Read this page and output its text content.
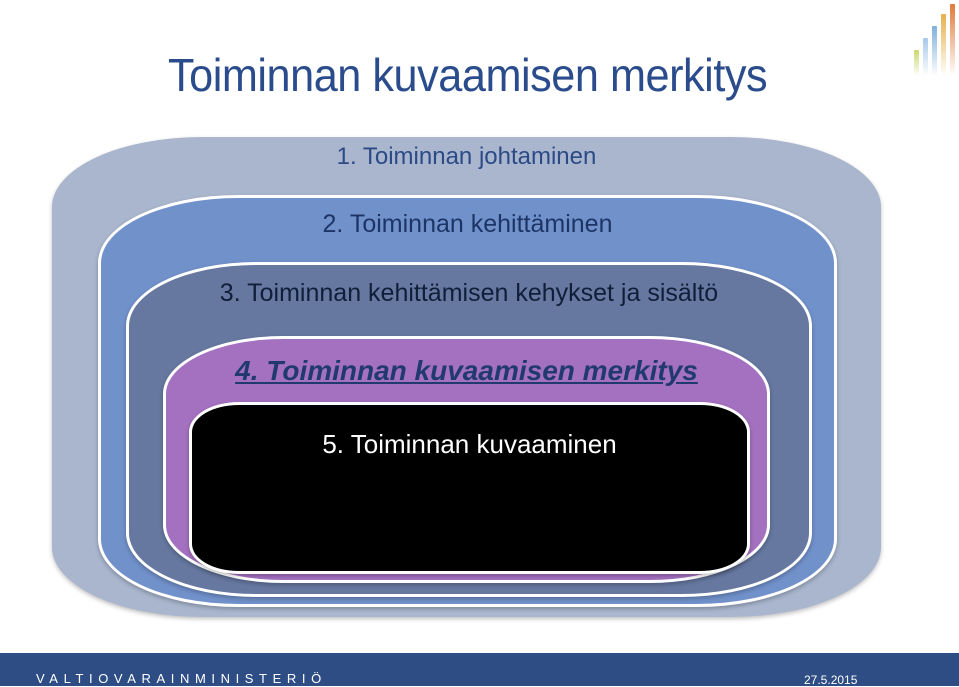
Toiminnan kuvaamisen merkitys
1. Toiminnan johtaminen
2. Toiminnan kehittäminen
3. Toiminnan kehittämisen kehykset ja sisältö
4. Toiminnan kuvaamisen merkitys
5. Toiminnan kuvaaminen
VALTIOVARAINMINISTERIÖ	27.5.2015
